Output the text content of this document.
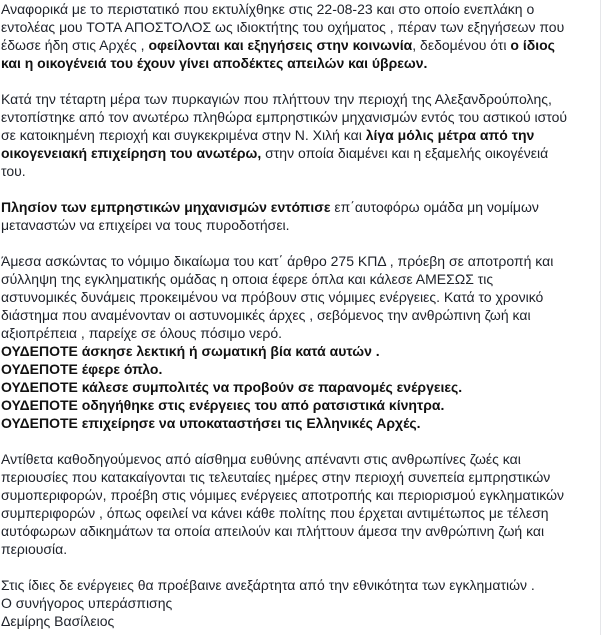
Αναφορικά με το περιστατικό που εκτυλίχθηκε στις 22-08-23 και στο οποίο ενεπλάκη ο
εντολέας μου ΤΟΤΑ ΑΠΟΣΤΟΛΟΣ ως ιδιοκτήτης του οχήματος , πέραν των εξηγήσεων που
έδωσε ήδη στις Αρχές , οφείλονται και εξηγήσεις στην κοινωνία, δεδομένου ότι ο ίδιος
και η οικογένειά του έχουν γίνει αποδέκτες απειλών και ύβρεων.
Κατά την τέταρτη μέρα των πυρκαγιών που πλήττουν την περιοχή της Αλεξανδρούπολης,
εντοπίστηκε από τον ανωτέρω πληθώρα εμπρηστικών μηχανισμών εντός του αστικού ιστού
σε κατοικημένη περιοχή και συγκεκριμένα στην Ν. Χιλή και λίγα μόλις μέτρα από την
οικογενειακή επιχείρηση του ανωτέρω, στην οποία διαμένει και η εξαμελής οικογένειά
του.
Πλησίον των εμπρηστικών μηχανισμών εντόπισε επ΄αυτοφόρω ομάδα μη νομίμων
μεταναστών να επιχείρει να τους πυροδοτήσει.
Άμεσα ασκώντας το νόμιμο δικαίωμα του κατ΄ άρθρο 275 ΚΠΔ , πρόεβη σε αποτροπή και
σύλληψη της εγκληματικής ομάδας η οποια έφερε όπλα και κάλεσε ΑΜΕΣΩΣ τις
αστυνομικές δυνάμεις προκειμένου να πρόβουν στις νόμιμες ενέργειες. Κατά το χρονικό
διάστημα που αναμένονταν οι αστυνομικές άρχες , σεβόμενος την ανθρώπινη ζωή και
αξιοπρέπεια , παρείχε σε όλους πόσιμο νερό.
ΟΥΔΕΠΟΤΕ άσκησε λεκτική ή σωματική βία κατά αυτών .
ΟΥΔΕΠΟΤΕ έφερε όπλο.
ΟΥΔΕΠΟΤΕ κάλεσε συμπολιτές να προβούν σε παρανομές ενέργειες.
ΟΥΔΕΠΟΤΕ οδηγήθηκε στις ενέργειες του από ρατσιστικά κίνητρα.
ΟΥΔΕΠΟΤΕ επιχείρησε να υποκαταστήσει τις Ελληνικές Αρχές.
Αντίθετα καθοδηγούμενος από αίσθημα ευθύνης απέναντι στις ανθρωπίνες ζωές και
περιουσίες που κατακαίγονται τις τελευταίες ημέρες στην περιοχή συνεπεία εμπρηστικών
συμοπεριφορών, προέβη στις νόμιμες ενέργειες αποτροπής και περιορισμού εγκληματικών
συμπεριφορών , όπως οφειλεί να κάνει κάθε πολίτης που έρχεται αντιμέτωπος με τέλεση
αυτόφωρων αδικημάτων τα οποία απειλούν και πλήττουν άμεσα την ανθρώπινη ζωή και
περιουσία.
Στις ίδιες δε ενέργειες θα προέβαινε ανεξάρτητα από την εθνικότητα των εγκληματιών .
Ο συνήγορος υπεράσπισης
Δεμίρης Βασίλειος
